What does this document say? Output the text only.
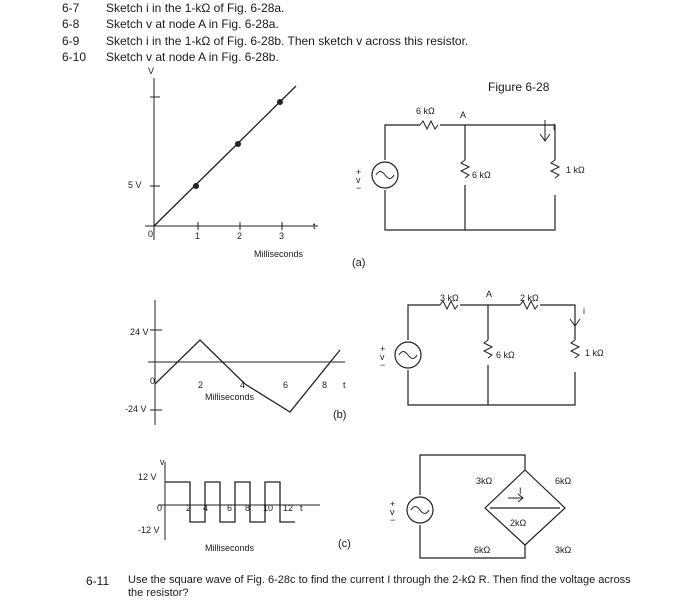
6-7	Sketch i in the 1-kΩ of Fig. 6-28a.
6-8	Sketch v at node A in Fig. 6-28a.
6-9	Sketch i in the 1-kΩ of Fig. 6-28b. Then sketch v across this resistor.
6-10	Sketch v at node A in Fig. 6-28b.
Figure 6-28
V
5 V
0	1	2	3
t
Milliseconds
(a)
24 V
0
-24 V
2	4	6	8 t
Milliseconds
(b)
v
12 V
0
-12 V
2 4 6 8 10 12 t
Milliseconds	(c)
6 kΩ	A
6 kΩ	1 kΩ
i
+ v −
3 kΩ	A	2 kΩ
6 kΩ	1 kΩ
i
+ v −
3kΩ	6kΩ
2kΩ
6kΩ	3kΩ
I
+ v −
6-11 Use the square wave of Fig. 6-28c to find the current I through the 2-kΩ R. Then find the voltage across the resistor?
